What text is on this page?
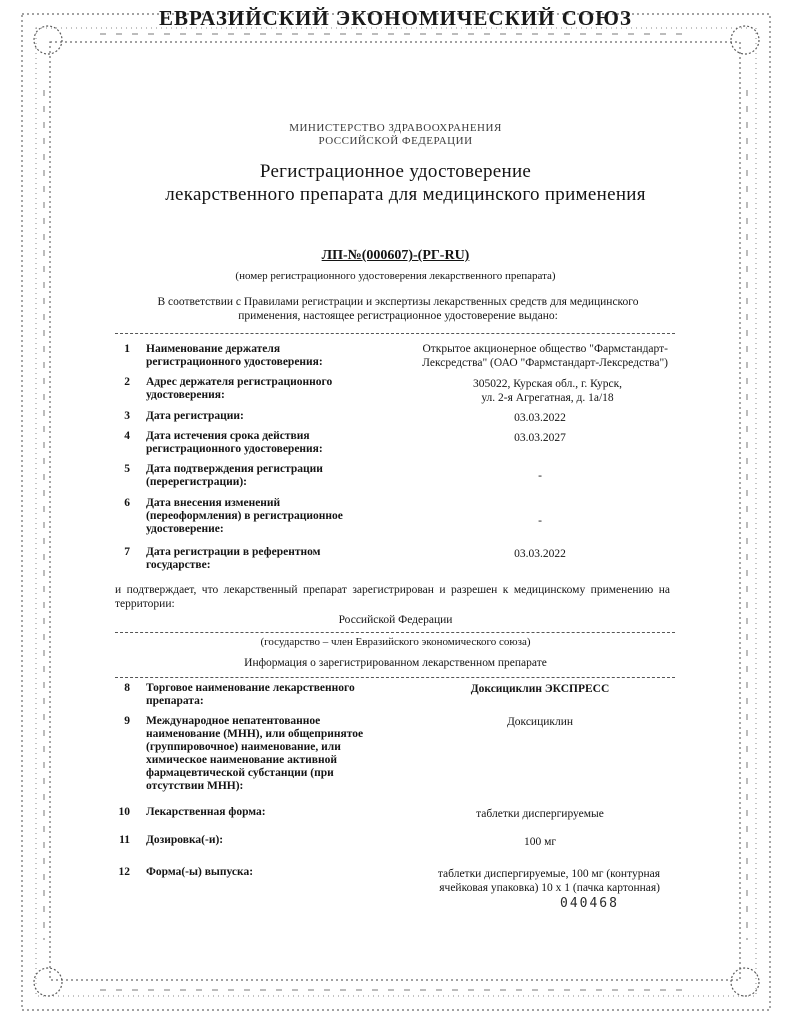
ЕВРАЗИЙСКИЙ ЭКОНОМИЧЕСКИЙ СОЮЗ
МИНИСТЕРСТВО ЗДРАВООХРАНЕНИЯ
РОССИЙСКОЙ ФЕДЕРАЦИИ
Регистрационное удостоверение
лекарственного препарата для медицинского применения
ЛП-№(000607)-(РГ-RU)
(номер регистрационного удостоверения лекарственного препарата)
В соответствии с Правилами регистрации и экспертизы лекарственных средств для медицинского применения, настоящее регистрационное удостоверение выдано:
1 Наименование держателя регистрационного удостоверения:
Открытое акционерное общество "Фармстандарт-Лексредства" (ОАО "Фармстандарт-Лексредства")
2 Адрес держателя регистрационного удостоверения:
305022, Курская обл., г. Курск, ул. 2-я Агрегатная, д. 1а/18
3 Дата регистрации:	03.03.2022
4 Дата истечения срока действия регистрационного удостоверения:
03.03.2027
5 Дата подтверждения регистрации (перерегистрации):	-
6 Дата внесения изменений (переоформления) в регистрационное удостоверение:
-
7 Дата регистрации в референтном государстве:
03.03.2022
и подтверждает, что лекарственный препарат зарегистрирован и разрешен к медицинскому применению на территории:
Российской Федерации
(государство – член Евразийского экономического союза)
Информация о зарегистрированном лекарственном препарате
8 Торговое наименование лекарственного препарата:
Доксициклин ЭКСПРЕСС
9 Международное непатентованное наименование (МНН), или общепринятое (группировочное) наименование, или химическое наименование активной фармацевтической субстанции (при отсутствии МНН):
Доксициклин
10 Лекарственная форма:	таблетки диспергируемые
11 Дозировка(-и):	100 мг
12 Форма(-ы) выпуска:	таблетки диспергируемые, 100 мг (контурная ячейковая упаковка) 10 х 1 (пачка картонная)
040468
